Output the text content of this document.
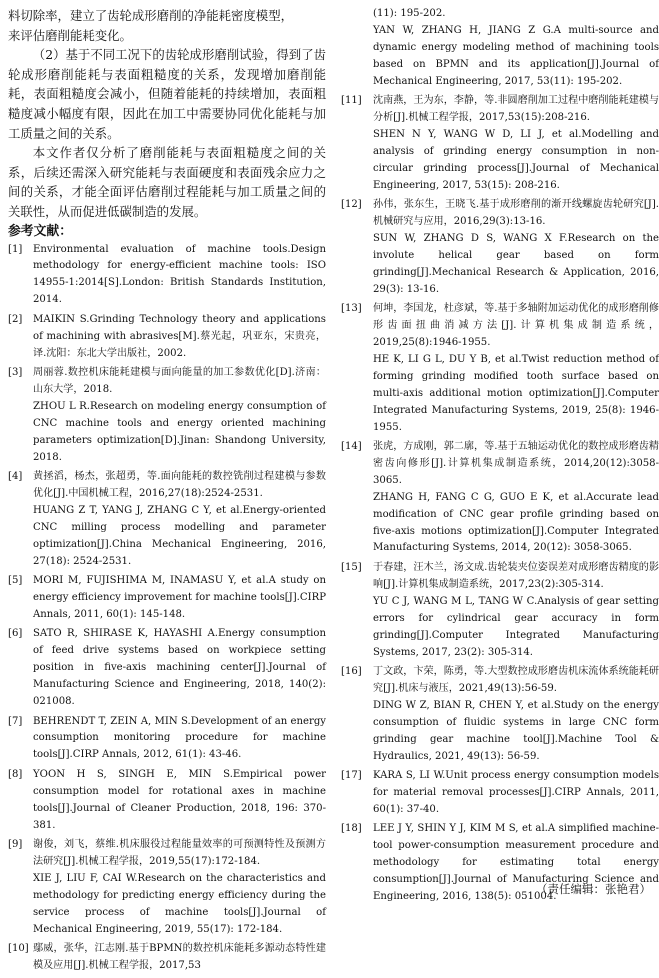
料切除率，建立了齿轮成形磨削的净能耗密度模型，

来评估磨削能耗变化。

（2）基于不同工况下的齿轮成形磨削试验，得到了齿轮成形磨削能耗与表面粗糙度的关系，发现增加磨削能耗，表面粗糙度会减小，但随着能耗的持续增加，表面粗糙度减小幅度有限，因此在加工中需要协同优化能耗与加工质量之间的关系。

本文作者仅分析了磨削能耗与表面粗糙度之间的关系，后续还需深入研究能耗与表面硬度和表面残余应力之间的关系，才能全面评估磨削过程能耗与加工质量之间的关联性，从而促进低碳制造的发展。

参考文献：
[1] Environmental evaluation of machine tools.Design methodology for energy-efficient machine tools: ISO 14955-1:2014[S].London: British Standards Institution, 2014.
[2] MAIKIN S.Grinding Technology theory and applications of machining with abrasives[M].蔡光起，巩亚东，宋贵亮，译.沈阳：东北大学出版社，2002.
[3] 周丽蓉.数控机床能耗建模与面向能量的加工参数优化[D].济南：山东大学，2018.
ZHOU L R.Research on modeling energy consumption of CNC machine tools and energy oriented machining parameters optimization[D].Jinan: Shandong University, 2018.
[4] 黄拯滔，杨杰，张超勇，等.面向能耗的数控铣削过程建模与参数优化[J].中国机械工程，2016,27(18):2524-2531.
HUANG Z T, YANG J, ZHANG C Y, et al.Energy-oriented CNC milling process modelling and parameter optimization[J].China Mechanical Engineering, 2016, 27(18): 2524-2531.
[5] MORI M, FUJISHIMA M, INAMASU Y, et al.A study on energy efficiency improvement for machine tools[J].CIRP Annals, 2011, 60(1): 145-148.
[6] SATO R, SHIRASE K, HAYASHI A.Energy consumption of feed drive systems based on workpiece setting position in five-axis machining center[J].Journal of Manufacturing Science and Engineering, 2018, 140(2): 021008.
[7] BEHRENDT T, ZEIN A, MIN S.Development of an energy consumption monitoring procedure for machine tools[J].CIRP Annals, 2012, 61(1): 43-46.
[8] YOON H S, SINGH E, MIN S.Empirical power consumption model for rotational axes in machine tools[J].Journal of Cleaner Production, 2018, 196: 370-381.
[9] 谢俊，刘飞，蔡维.机床服役过程能量效率的可预测特性及预测方法研究[J].机械工程学报，2019,55(17):172-184.
XIE J, LIU F, CAI W.Research on the characteristics and methodology for predicting energy efficiency during the service process of machine tools[J].Journal of Mechanical Engineering, 2019, 55(17): 172-184.
[10] 鄢威，张华，江志刚.基于BPMN的数控机床能耗多源动态特性建模及应用[J].机械工程学报，2017,53
(11): 195-202.
YAN W, ZHANG H, JIANG Z G.A multi-source and dynamic energy modeling method of machining tools based on BPMN and its application[J].Journal of Mechanical Engineering, 2017, 53(11): 195-202.
[11] 沈南燕，王为东，李静，等.非圆磨削加工过程中磨削能耗建模与分析[J].机械工程学报，2017,53(15):208-216.
SHEN N Y, WANG W D, LI J, et al.Modelling and analysis of grinding energy consumption in non-circular grinding process[J].Journal of Mechanical Engineering, 2017, 53(15): 208-216.
[12] 孙伟，张东生，王晓飞.基于成形磨削的渐开线螺旋齿轮研究[J].机械研究与应用，2016,29(3):13-16.
SUN W, ZHANG D S, WANG X F.Research on the involute helical gear based on form grinding[J].Mechanical Research & Application, 2016, 29(3): 13-16.
[13] 何坤，李国龙，杜彦斌，等.基于多轴附加运动优化的成形磨削修形齿面扭曲消减方法[J].计算机集成制造系统，2019,25(8):1946-1955.
HE K, LI G L, DU Y B, et al.Twist reduction method of forming grinding modified tooth surface based on multi-axis additional motion optimization[J].Computer Integrated Manufacturing Systems, 2019, 25(8): 1946-1955.
[14] 张虎，方成刚，郭二廓，等.基于五轴运动优化的数控成形磨齿精密齿向修形[J].计算机集成制造系统，2014,20(12):3058-3065.
ZHANG H, FANG C G, GUO E K, et al.Accurate lead modification of CNC gear profile grinding based on five-axis motions optimization[J].Computer Integrated Manufacturing Systems, 2014, 20(12): 3058-3065.
[15] 于春建，汪木兰，汤文成.齿轮装夹位姿误差对成形磨齿精度的影响[J].计算机集成制造系统，2017,23(2):305-314.
YU C J, WANG M L, TANG W C.Analysis of gear setting errors for cylindrical gear accuracy in form grinding[J].Computer Integrated Manufacturing Systems, 2017, 23(2): 305-314.
[16] 丁文政，卞荣，陈勇，等.大型数控成形磨齿机床流体系统能耗研究[J].机床与液压，2021,49(13):56-59.
DING W Z, BIAN R, CHEN Y, et al.Study on the energy consumption of fluidic systems in large CNC form grinding gear machine tool[J].Machine Tool & Hydraulics, 2021, 49(13): 56-59.
[17] KARA S, LI W.Unit process energy consumption models for material removal processes[J].CIRP Annals, 2011, 60(1): 37-40.
[18] LEE J Y, SHIN Y J, KIM M S, et al.A simplified machine-tool power-consumption measurement procedure and methodology for estimating total energy consumption[J].Journal of Manufacturing Science and Engineering, 2016, 138(5): 051004.
（责任编辑：张艳君）
